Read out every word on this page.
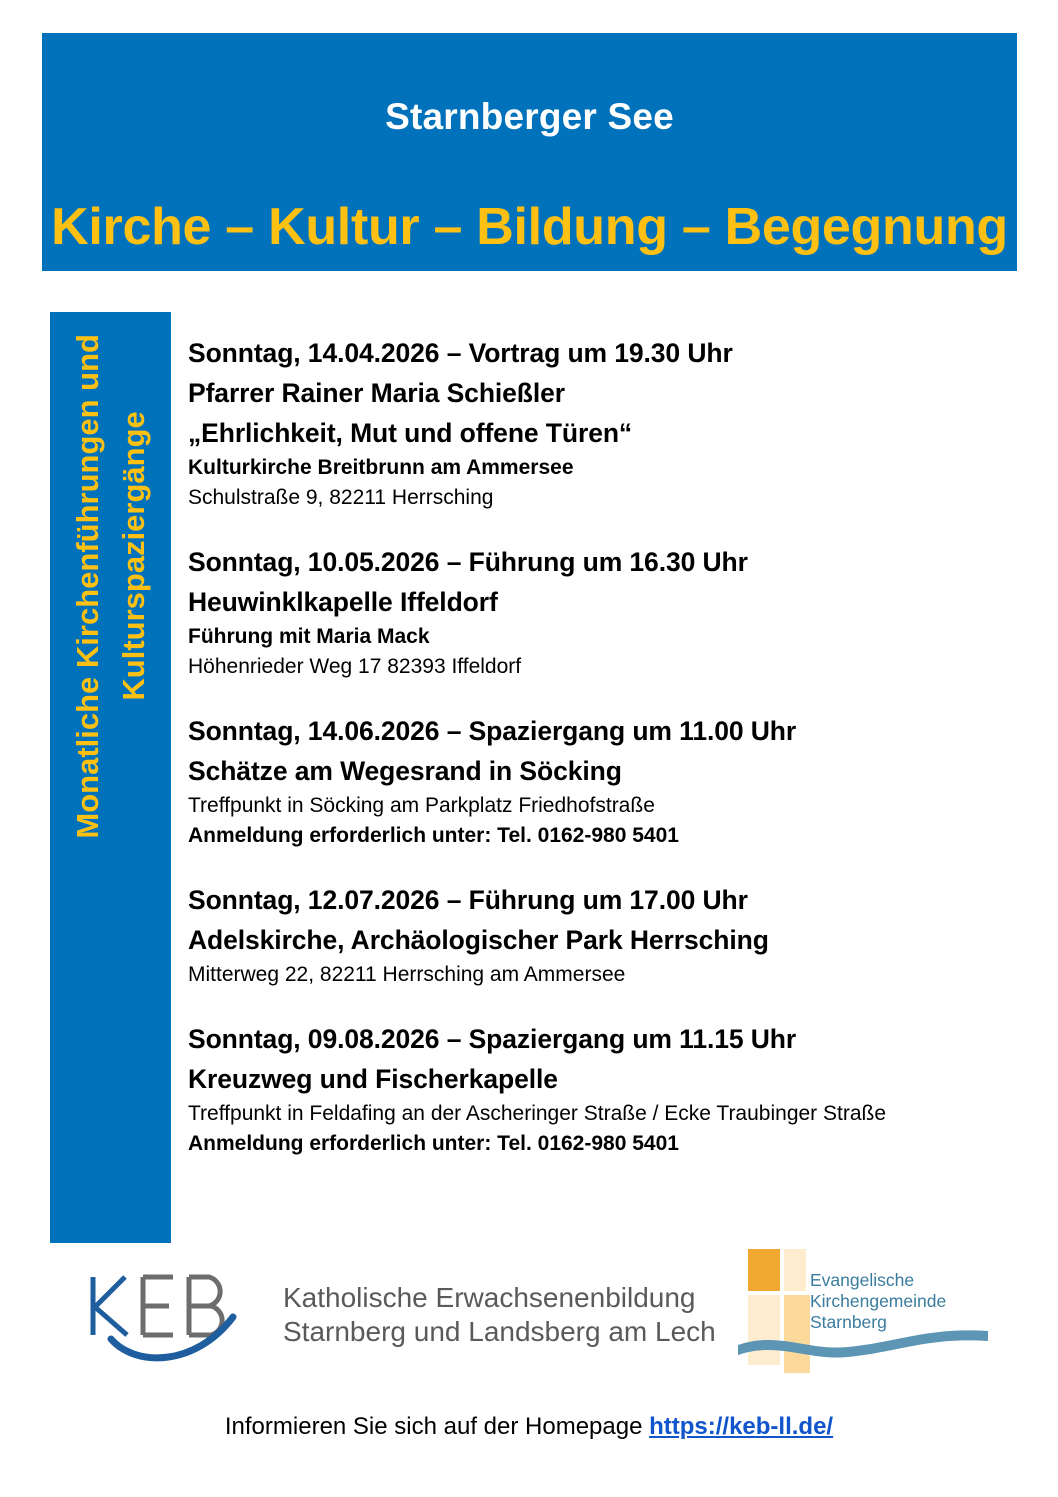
Starnberger See
Kirche – Kultur – Bildung – Begegnung
Monatliche Kirchenführungen und Kulturspaziergänge
Sonntag, 14.04.2026 – Vortrag um 19.30 Uhr
Pfarrer Rainer Maria Schießler
„Ehrlichkeit, Mut und offene Türen“
Kulturkirche Breitbrunn am Ammersee
Schulstraße 9, 82211 Herrsching
Sonntag, 10.05.2026 – Führung um 16.30 Uhr
Heuwinklkapelle Iffeldorf
Führung mit Maria Mack
Höhenrieder Weg 17 82393 Iffeldorf
Sonntag, 14.06.2026 – Spaziergang um 11.00 Uhr
Schätze am Wegesrand in Söcking
Treffpunkt in Söcking am Parkplatz Friedhofstraße
Anmeldung erforderlich unter: Tel. 0162-980 5401
Sonntag, 12.07.2026 – Führung um 17.00 Uhr
Adelskirche, Archäologischer Park Herrsching
Mitterweg 22, 82211 Herrsching am Ammersee
Sonntag, 09.08.2026 – Spaziergang um 11.15 Uhr
Kreuzweg und Fischerkapelle
Treffpunkt in Feldafing an der Ascheringer Straße / Ecke Traubinger Straße
Anmeldung erforderlich unter: Tel. 0162-980 5401
Katholische Erwachsenenbildung
Starnberg und Landsberg am Lech
Evangelische
Kirchengemeinde
Starnberg
Informieren Sie sich auf der Homepage https://keb-ll.de/
